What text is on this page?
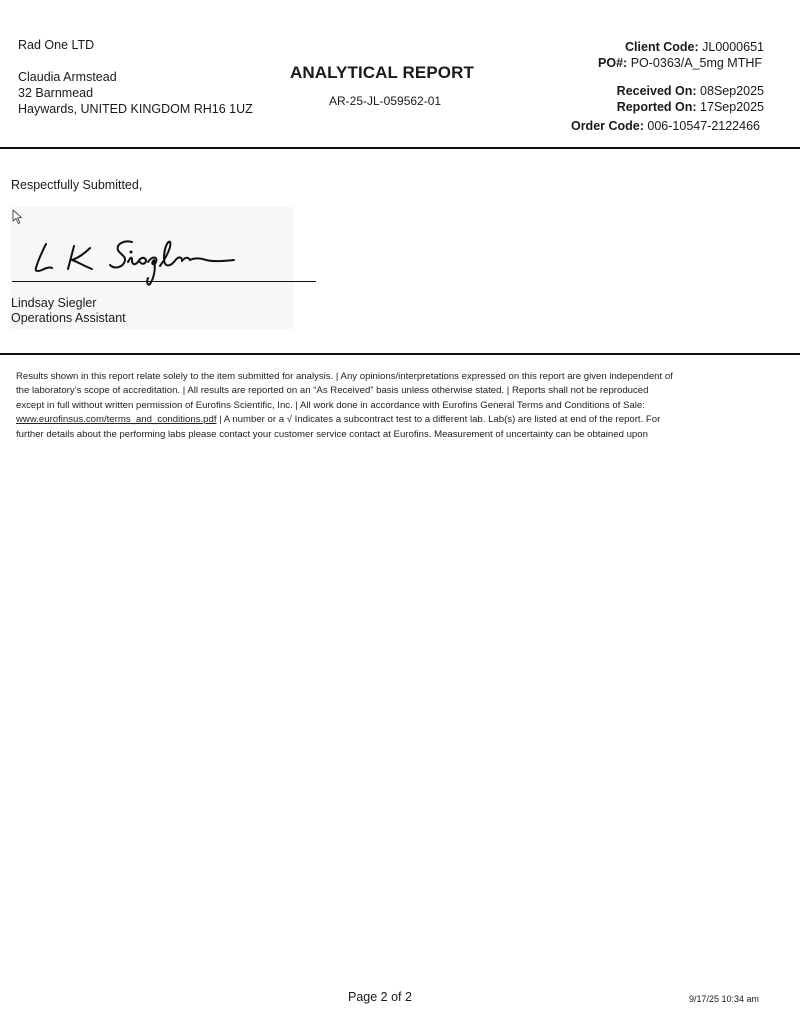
Rad One LTD
Claudia Armstead
32 Barnmead
Haywards, UNITED KINGDOM RH16 1UZ
ANALYTICAL REPORT
AR-25-JL-059562-01
Client Code: JL0000651
PO#: PO-0363/A_5mg MTHF
Received On: 08Sep2025
Reported On: 17Sep2025
Order Code: 006-10547-2122466
Respectfully Submitted,
Lindsay Siegler
Operations Assistant
Results shown in this report relate solely to the item submitted for analysis. | Any opinions/interpretations expressed on this report are given independent of
the laboratory’s scope of accreditation. | All results are reported on an “As Received” basis unless otherwise stated. | Reports shall not be reproduced
except in full without written permission of Eurofins Scientific, Inc. | All work done in accordance with Eurofins General Terms and Conditions of Sale:
www.eurofinsus.com/terms_and_conditions.pdf | A number or a √ Indicates a subcontract test to a different lab. Lab(s) are listed at end of the report. For
further details about the performing labs please contact your customer service contact at Eurofins. Measurement of uncertainty can be obtained upon
Page 2 of 2	9/17/25 10:34 am
